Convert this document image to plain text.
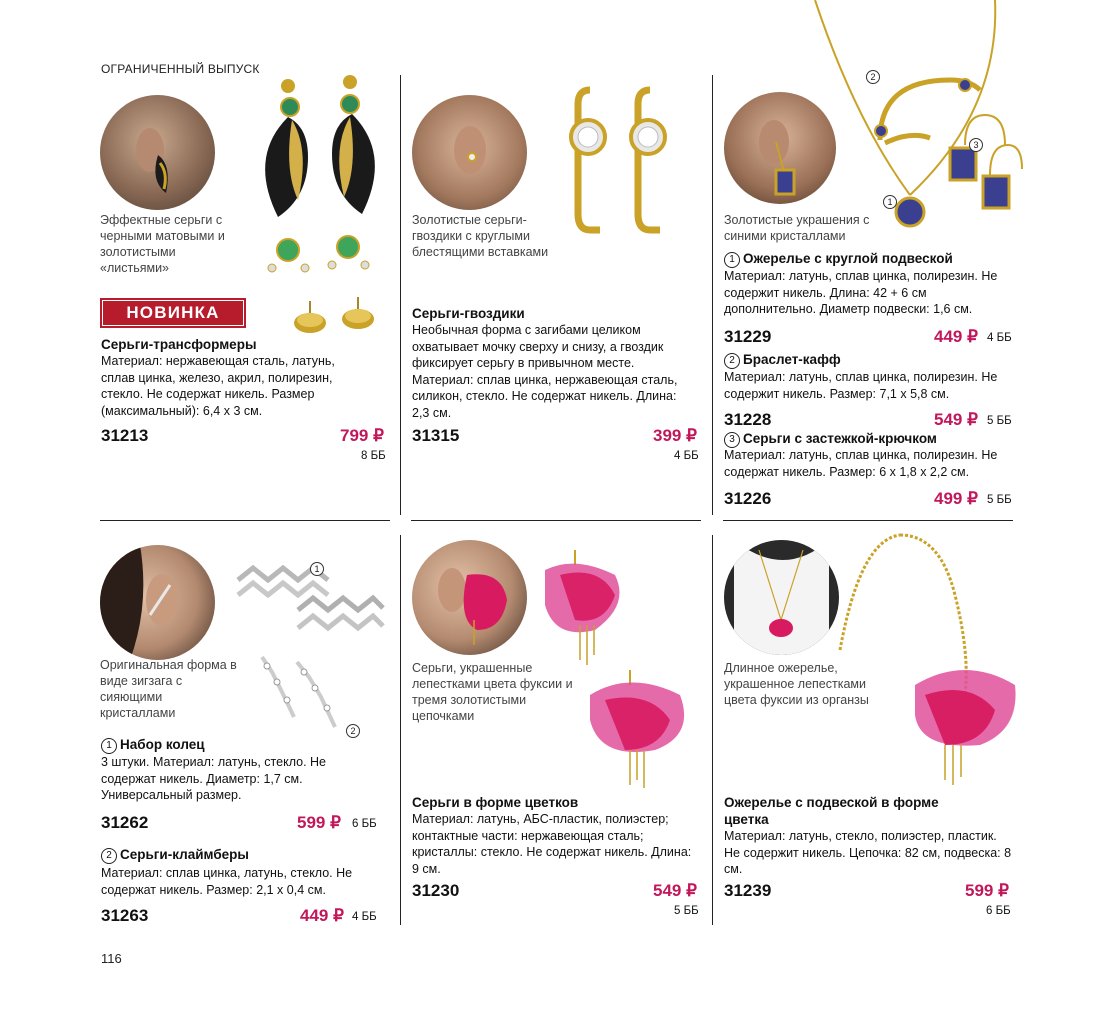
ОГРАНИЧЕННЫЙ ВЫПУСК
116
Эффектные серьги с черными матовыми и золотистыми «листьями»
НОВИНКА
Серьги-трансформеры
Материал: нержавеющая сталь, латунь, сплав цинка, железо, акрил, полирезин, стекло. Не содержат никель. Размер (максимальный): 6,4 x 3 см.
31213	799 ₽
8 ББ
Золотистые серьги-гвоздики с круглыми блестящими вставками
Серьги-гвоздики
Необычная форма с загибами целиком охватывает мочку сверху и снизу, а гвоздик фиксирует серьгу в привычном месте. Материал: сплав цинка, нержавеющая сталь, силикон, стекло. Не содержат никель. Длина: 2,3 см.
31315	399 ₽
4 ББ
2
1
3
Золотистые украшения с синими кристаллами
1 Ожерелье с круглой подвеской
Материал: латунь, сплав цинка, полирезин. Не содержит никель. Длина: 42 + 6 см дополнительно. Диаметр подвески: 1,6 см.
31229	449 ₽ 4 ББ
2 Браслет-кафф
Материал: латунь, сплав цинка, полирезин. Не содержит никель. Размер: 7,1 x 5,8 см.
31228	549 ₽ 5 ББ
3 Серьги с застежкой-крючком
Материал: латунь, сплав цинка, полирезин. Не содержат никель. Размер: 6 x 1,8 x 2,2 см.
31226	499 ₽ 5 ББ
1
2
Оригинальная форма в виде зигзага с сияющими кристаллами
1 Набор колец
3 штуки. Материал: латунь, стекло. Не содержат никель. Диаметр: 1,7 см. Универсальный размер.
31262	599 ₽ 6 ББ
2 Серьги-клаймберы
Материал: сплав цинка, латунь, стекло. Не содержат никель. Размер: 2,1 x 0,4 см.
31263	449 ₽ 4 ББ
Серьги, украшенные лепестками цвета фуксии и тремя золотистыми цепочками
Серьги в форме цветков
Материал: латунь, АБС-пластик, полиэстер; контактные части: нержавеющая сталь; кристаллы: стекло. Не содержат никель. Длина: 9 см.
31230	549 ₽
5 ББ
Длинное ожерелье, украшенное лепестками цвета фуксии из органзы
Ожерелье с подвеской в форме цветка
Материал: латунь, стекло, полиэстер, пластик. Не содержит никель. Цепочка: 82 см, подвеска: 8 см.
31239	599 ₽
6 ББ
